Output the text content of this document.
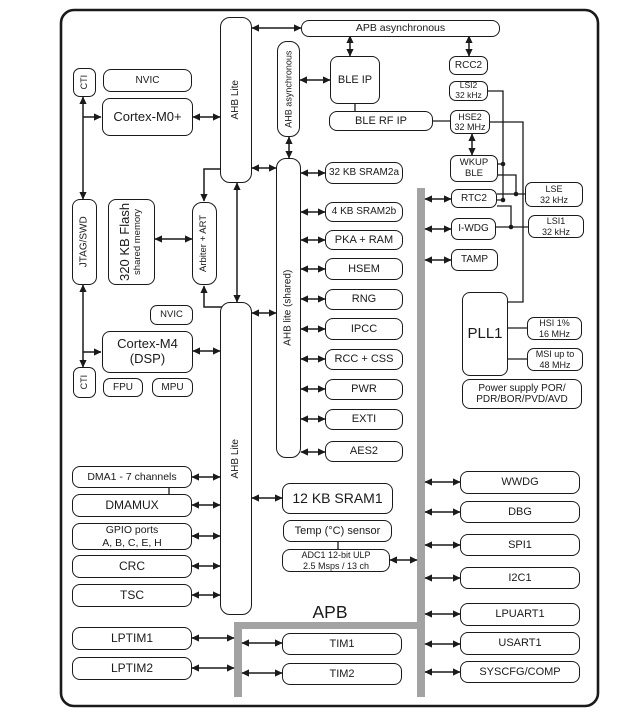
AHB Lite	AHB asynchronous
APB asynchronous
AHB lite (shared)
Arbiter + ART
AHB Lite
APB
CTI	NVIC
Cortex-M0+
JTAG/SWD 320 KB Flash shared memory
NVIC
Cortex-M4
(DSP)
CTI FPU	MPU
BLE IP
BLE RF IP
32 KB SRAM2a
4 KB SRAM2b
PKA + RAM
HSEM
RNG
IPCC
RCC + CSS
PWR
EXTI
AES2
DMA1 - 7 channels
DMAMUX
GPIO ports
A, B, C, E, H
CRC
TSC
LPTIM1
LPTIM2
12 KB SRAM1
Temp (°C) sensor
ADC1 12-bit ULP
2.5 Msps / 13 ch
TIM1
TIM2
RCC2
LSI2
32 kHz
HSE2
32 MHz
WKUP
BLE
RTC2
LSE
32 kHz
I-WDG
LSI1
32 kHz
TAMP
PLL1
HSI 1%
16 MHz
MSI up to
48 MHz
Power supply POR/
PDR/BOR/PVD/AVD
WWDG
DBG
SPI1
I2C1
LPUART1
USART1
SYSCFG/COMP
